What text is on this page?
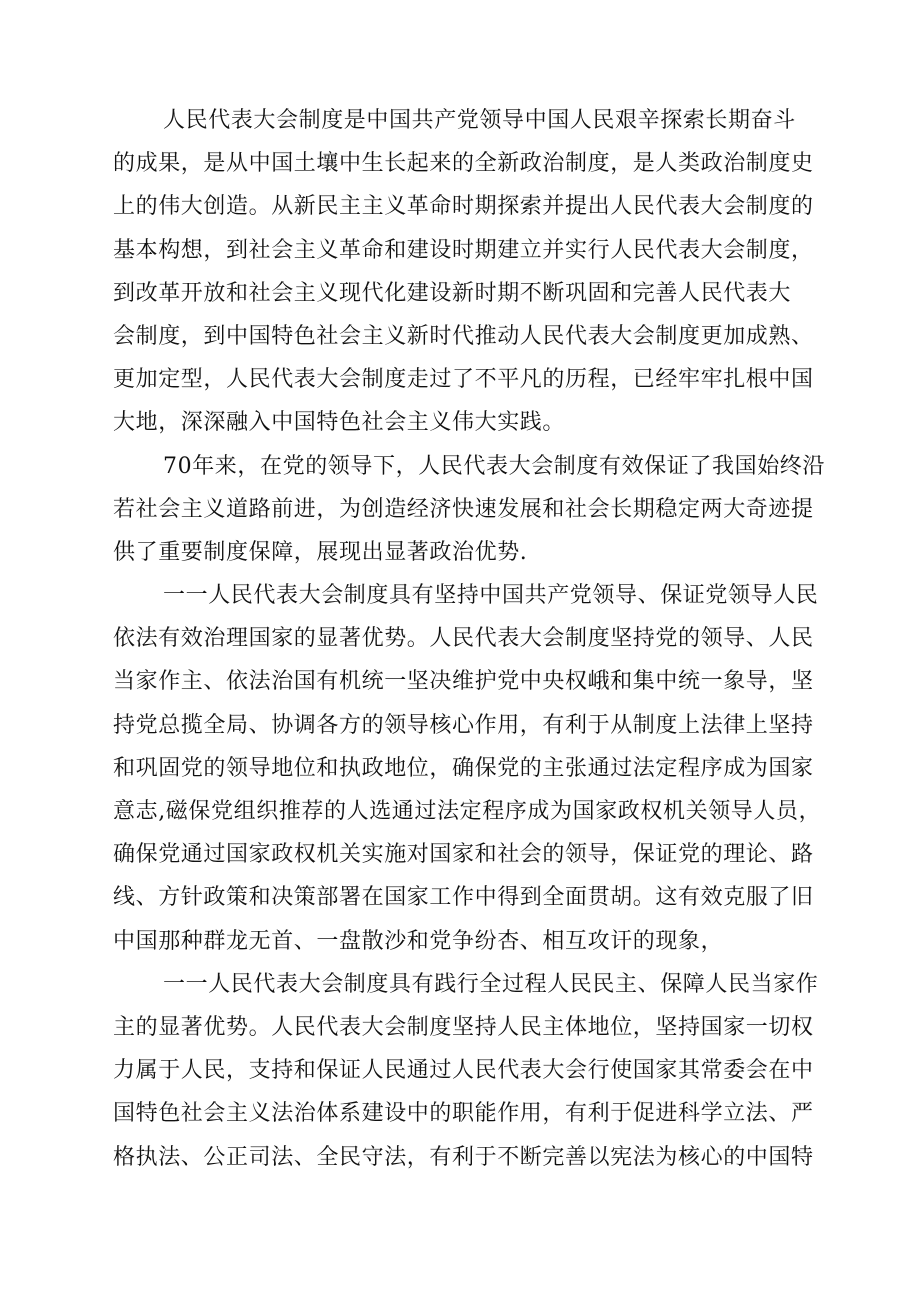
人民代表大会制度是中国共产党领导中国人民艰辛探索长期奋斗
的成果，是从中国土壤中生长起来的全新政治制度，是人类政治制度史
上的伟大创造。从新民主主义革命时期探索并提出人民代表大会制度的
基本构想，到社会主义革命和建设时期建立并实行人民代表大会制度，
到改革开放和社会主义现代化建设新时期不断巩固和完善人民代表大
会制度，到中国特色社会主义新时代推动人民代表大会制度更加成熟、
更加定型，人民代表大会制度走过了不平凡的历程，已经牢牢扎根中国
大地，深深融入中国特色社会主义伟大实践。
70年来，在党的领导下，人民代表大会制度有效保证了我国始终沿
若社会主义道路前进，为创造经济快速发展和社会长期稳定两大奇迹提
供了重要制度保障，展现出显著政治优势.
一一人民代表大会制度具有坚持中国共产党领导、保证党领导人民
依法有效治理国家的显著优势。人民代表大会制度坚持党的领导、人民
当家作主、依法治国有机统一坚决维护党中央权峨和集中统一象导，坚
持党总揽全局、协调各方的领导核心作用，有利于从制度上法律上坚持
和巩固党的领导地位和执政地位，确保党的主张通过法定程序成为国家
意志,磁保党组织推荐的人选通过法定程序成为国家政权机关领导人员，
确保党通过国家政权机关实施对国家和社会的领导，保证党的理论、路
线、方针政策和决策部署在国家工作中得到全面贯胡。这有效克服了旧
中国那种群龙无首、一盘散沙和党争纷杏、相互攻讦的现象，
一一人民代表大会制度具有践行全过程人民民主、保障人民当家作
主的显著优势。人民代表大会制度坚持人民主体地位，坚持国家一切权
力属于人民，支持和保证人民通过人民代表大会行使国家其常委会在中
国特色社会主义法治体系建设中的职能作用，有利于促进科学立法、严
格执法、公正司法、全民守法，有利于不断完善以宪法为核心的中国特
